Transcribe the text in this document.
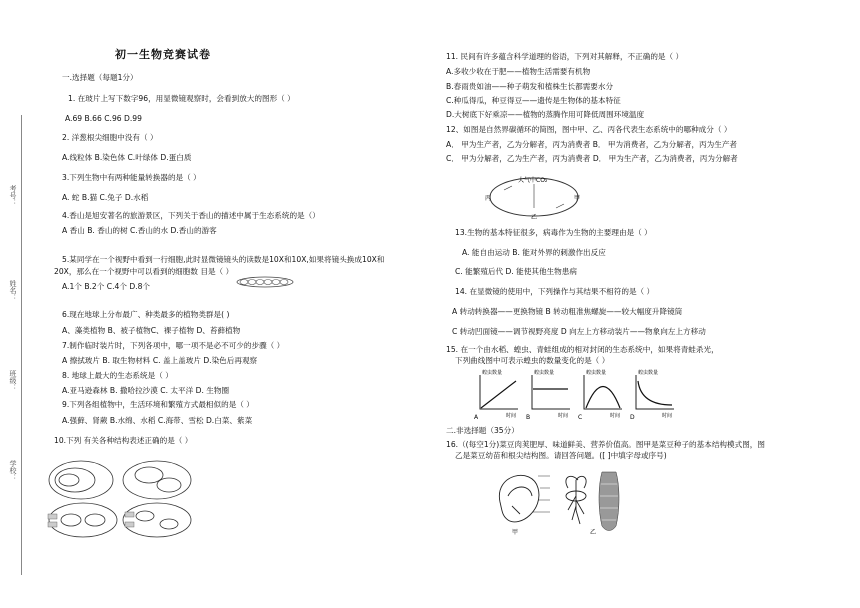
考号：
姓名：
班级：
学校：
初一生物竞赛试卷
一.选择题（每题1分）
1. 在玻片上写下数字96，用显微镜观察时，会看到放大的图形（ ）
A.69 B.66 C.96 D.99
2. 洋葱根尖细胞中没有（ ）
A.线粒体 B.染色体 C.叶绿体 D.蛋白质
3.下列生物中有两种能量转换器的是（ ）
A. 蛇 B.猫 C.兔子 D.水稻
4.香山是旭安著名的旅游景区，下列关于香山的描述中属于生态系统的是（）
A 香山 B. 香山的树 C.香山的水 D.香山的游客
5.某同学在一个视野中看到一行细胞,此时显微镜镜头的读数是10X和10X,如果将镜头换成10X和
20X，那么在一个视野中可以看到的细胞数 目是（ ）
A.1个 B.2个 C.4个 D.8个
6.现在地球上分布最广、种类最多的植物类群是( )
A、藻类植物 B、被子植物C、裸子植物 D、苔藓植物
7.制作临时装片时，下列各项中，哪一项不是必不可少的步骤（ ）
A 擦拭玻片 B. 取生物材料 C. 盖上盖玻片 D.染色后再观察
8. 地球上最大的生态系统是（ ）
A.亚马逊森林 B. 撒哈拉沙漠 C. 太平洋 D. 生物圈
9.下列各组植物中，生活环境和繁殖方式最相似的是（ ）
A.强藓、肾蕨 B.水绵、水稻 C.海带、雪松 D.白菜、紫菜
10.下列 有关各种结构表述正确的是（ ）
11. 民间有许多蕴含科学道理的俗语，下列对其解释，不正确的是（ ）
A.多收少收在于肥——植物生活需要有机物
B.春雨贵如油——种子萌发和植株生长都需要水分
C.种瓜得瓜，种豆得豆——遗传是生物体的基本特征
D.大树底下好乘凉——植物的蒸腾作用可降低周围环境温度
12、如图是自然界碳循环的简图，图中甲、乙、丙各代表生态系统中的哪种成分（ ）
A． 甲为生产者，乙为分解者，丙为消费者 B． 甲为消费者，乙为分解者，丙为生产者
C． 甲为分解者，乙为生产者，丙为消费者 D． 甲为生产者，乙为消费者，丙为分解者
大气中CO₂
丙	甲
乙
13.生物的基本特征很多，病毒作为生物的主要理由是（ ）
A. 能自由运动 B. 能对外界的刺激作出反应
C. 能繁殖后代 D. 能使其他生物患病
14. 在显微镜的使用中，下列操作与其结果不相符的是（ ）
A 转动转换器——更换物镜 B 转动粗准焦螺旋——较大幅度升降镜筒
C 转动凹面镜——调节视野亮度 D 向左上方移动装片——物象向左上方移动
15. 在一个由水稻、蝗虫、青蛙组成的相对封闭的生态系统中，如果将青蛙杀光，
下列曲线图中可表示蝗虫的数量变化的是（ ）
蝗虫数量	蝗虫数量	蝗虫数量	蝗虫数量
时间	时间	时间	时间
A	B	C	D
二.非选择题（35分）
16.（(每空1分)菜豆肉荚肥厚、味道鲜美、营养价值高。图甲是菜豆种子的基本结构模式图，图
乙是菜豆幼苗和根尖结构图。请回答问题。([ ]中填字母或序号)
甲	乙
